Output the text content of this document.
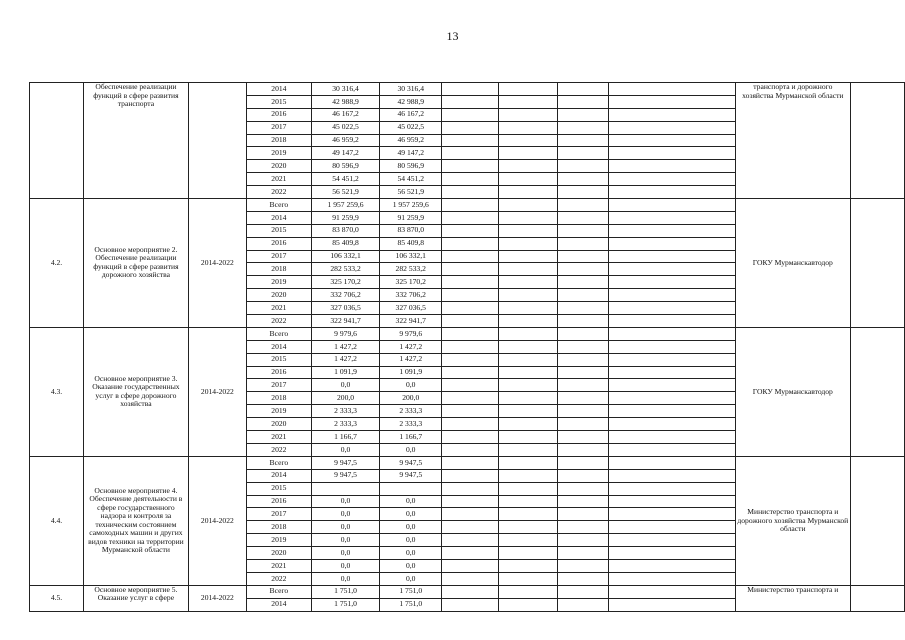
13
	Обеспечение реализации функций в сфере развития транспорта		2014	30 316,4	30 316,4					транспорта и дорожного хозяйства Мурманской области	
			2015	42 988,9	42 988,9						
			2016	46 167,2	46 167,2						
			2017	45 022,5	45 022,5						
			2018	46 959,2	46 959,2						
			2019	49 147,2	49 147,2						
			2020	80 596,9	80 596,9						
			2021	54 451,2	54 451,2						
			2022	56 521,9	56 521,9						
4.2.	Основное мероприятие 2. Обеспечение реализации функций в сфере развития дорожного хозяйства	2014-2022	Всего	1 957 259,6	1 957 259,6					ГОКУ Мурманскавтодор	
			2014	91 259,9	91 259,9						
			2015	83 870,0	83 870,0						
			2016	85 409,8	85 409,8						
			2017	106 332,1	106 332,1						
			2018	282 533,2	282 533,2						
			2019	325 170,2	325 170,2						
			2020	332 706,2	332 706,2						
			2021	327 036,5	327 036,5						
			2022	322 941,7	322 941,7						
4.3.	Основное мероприятие 3. Оказание государственных услуг в сфере дорожного хозяйства	2014-2022	Всего	9 979,6	9 979,6					ГОКУ Мурманскавтодор	
			2014	1 427,2	1 427,2						
			2015	1 427,2	1 427,2						
			2016	1 091,9	1 091,9						
			2017	0,0	0,0						
			2018	200,0	200,0						
			2019	2 333,3	2 333,3						
			2020	2 333,3	2 333,3						
			2021	1 166,7	1 166,7						
			2022	0,0	0,0						
4.4.	Основное мероприятие 4. Обеспечение деятельности в сфере государственного надзора и контроля за техническим состоянием самоходных машин и других видов техники на территории Мурманской области	2014-2022	Всего	9 947,5	9 947,5					Министерство транспорта и дорожного хозяйства Мурманской области	
			2014	9 947,5	9 947,5						
			2015								
			2016	0,0	0,0						
			2017	0,0	0,0						
			2018	0,0	0,0						
			2019	0,0	0,0						
			2020	0,0	0,0						
			2021	0,0	0,0						
			2022	0,0	0,0						
4.5.	Основное мероприятие 5. Оказание услуг в сфере	2014-2022	Всего	1 751,0	1 751,0					Министерство транспорта и	
			2014	1 751,0	1 751,0						
